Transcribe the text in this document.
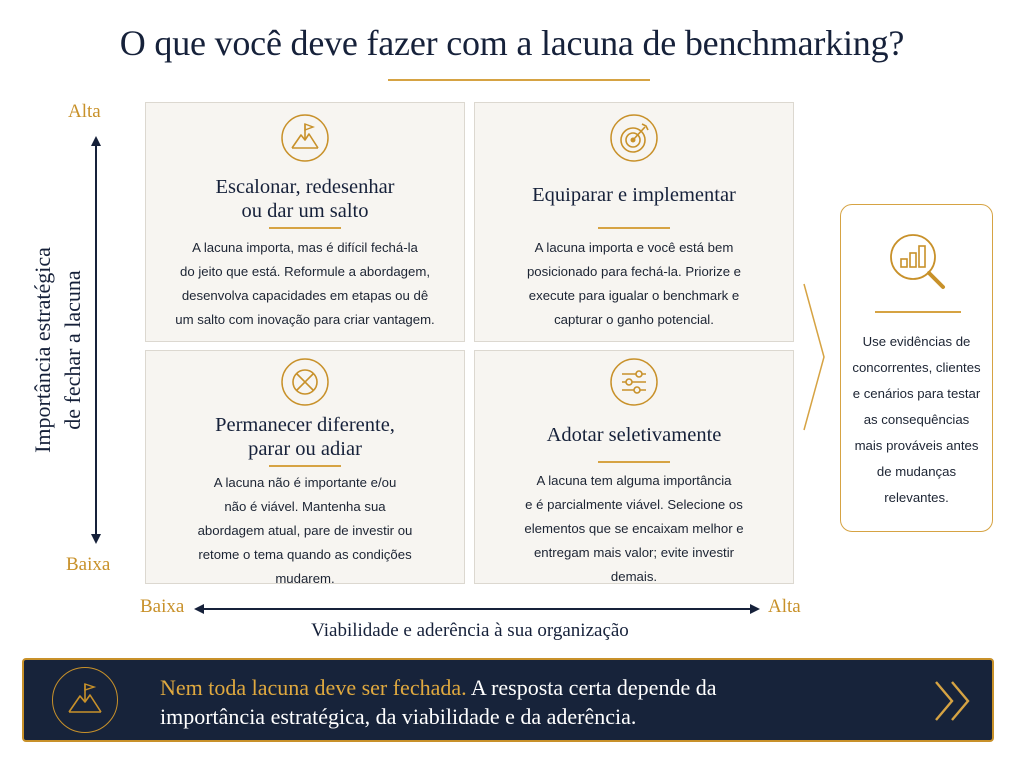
O que você deve fazer com a lacuna de benchmarking?
Alta
Baixa
Importância estratégica de fechar a lacuna
Escalonar, redesenhar
ou dar um salto
A lacuna importa, mas é difícil fechá-la
do jeito que está. Reformule a abordagem,
desenvolva capacidades em etapas ou dê
um salto com inovação para criar vantagem.
Equiparar e implementar
A lacuna importa e você está bem
posicionado para fechá-la. Priorize e
execute para igualar o benchmark e
capturar o ganho potencial.
Permanecer diferente,
parar ou adiar
A lacuna não é importante e/ou
não é viável. Mantenha sua
abordagem atual, pare de investir ou
retome o tema quando as condições
mudarem.
Adotar seletivamente
A lacuna tem alguma importância
e é parcialmente viável. Selecione os
elementos que se encaixam melhor e
entregam mais valor; evite investir
demais.
Baixa	Alta
Viabilidade e aderência à sua organização
Use evidências de
concorrentes, clientes
e cenários para testar
as consequências
mais prováveis antes
de mudanças
relevantes.
Nem toda lacuna deve ser fechada. A resposta certa depende da
importância estratégica, da viabilidade e da aderência.
